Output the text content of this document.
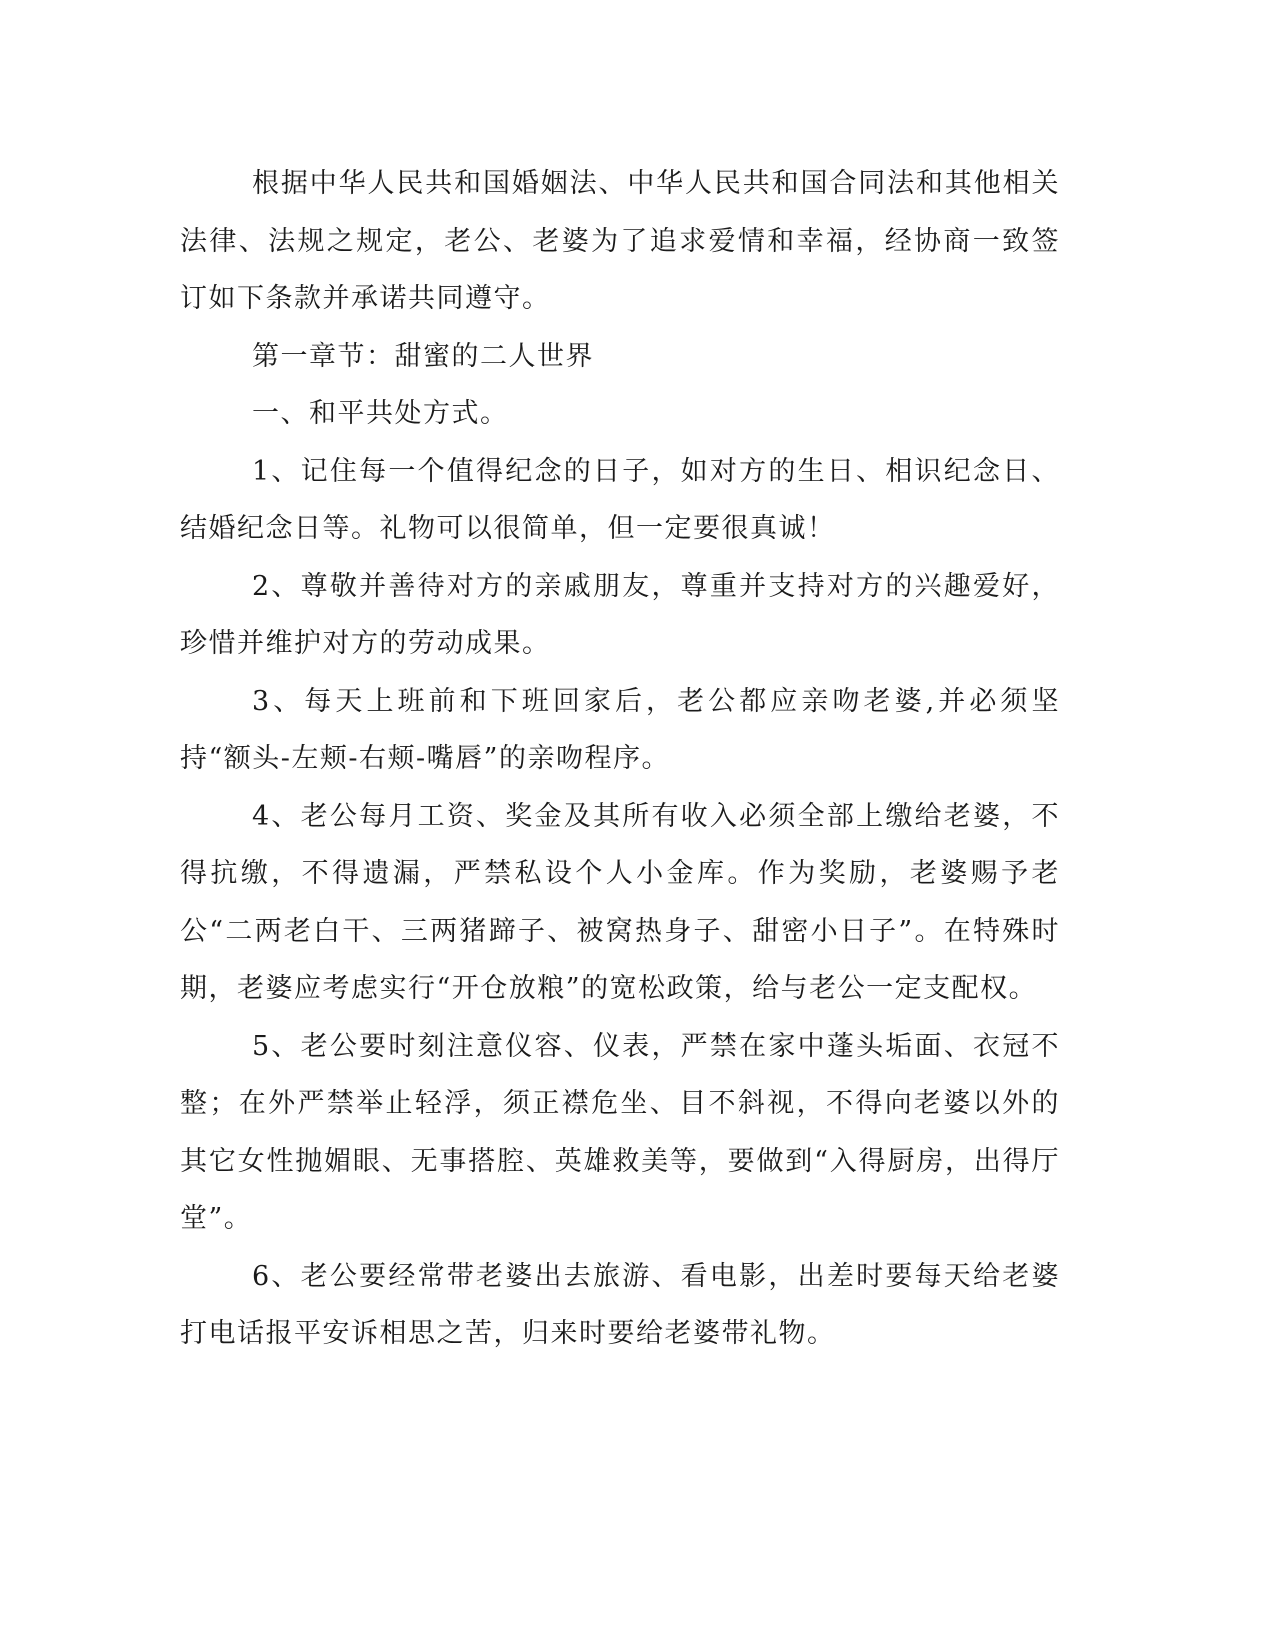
根据中华人民共和国婚姻法、中华人民共和国合同法和其他相关法律、法规之规定，老公、老婆为了追求爱情和幸福，经协商一致签订如下条款并承诺共同遵守。

第一章节：甜蜜的二人世界

一、和平共处方式。

1、记住每一个值得纪念的日子，如对方的生日、相识纪念日、结婚纪念日等。礼物可以很简单，但一定要很真诚！

2、尊敬并善待对方的亲戚朋友，尊重并支持对方的兴趣爱好，珍惜并维护对方的劳动成果。

3、每天上班前和下班回家后，老公都应亲吻老婆,并必须坚持“额头-左颊-右颊-嘴唇”的亲吻程序。

4、老公每月工资、奖金及其所有收入必须全部上缴给老婆，不得抗缴，不得遗漏，严禁私设个人小金库。作为奖励，老婆赐予老公“二两老白干、三两猪蹄子、被窝热身子、甜密小日子”。在特殊时期，老婆应考虑实行“开仓放粮”的宽松政策，给与老公一定支配权。

5、老公要时刻注意仪容、仪表，严禁在家中蓬头垢面、衣冠不整；在外严禁举止轻浮，须正襟危坐、目不斜视，不得向老婆以外的其它女性抛媚眼、无事搭腔、英雄救美等，要做到“入得厨房，出得厅堂”。

6、老公要经常带老婆出去旅游、看电影，出差时要每天给老婆打电话报平安诉相思之苦，归来时要给老婆带礼物。
